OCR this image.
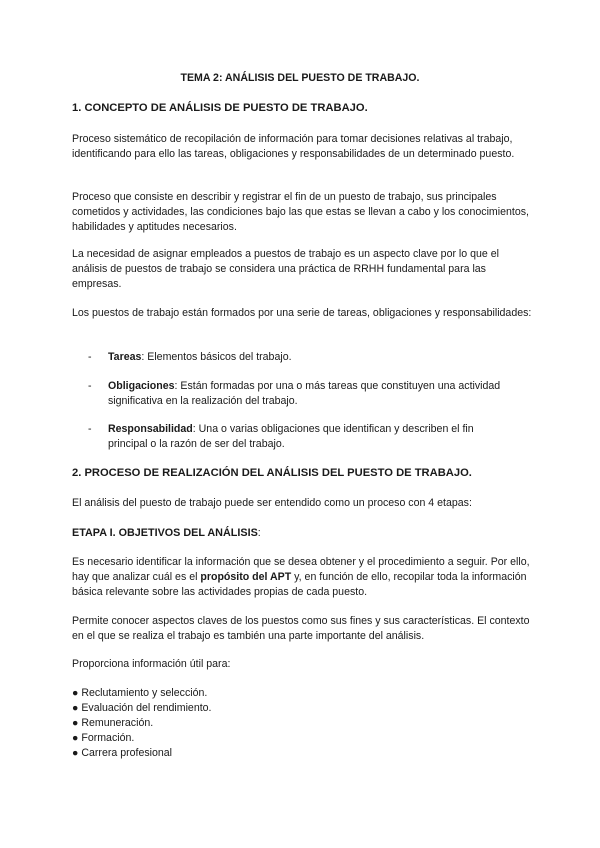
TEMA 2: ANÁLISIS DEL PUESTO DE TRABAJO.
1. CONCEPTO DE ANÁLISIS DE PUESTO DE TRABAJO.
Proceso sistemático de recopilación de información para tomar decisiones relativas al trabajo, identificando para ello las tareas, obligaciones y responsabilidades de un determinado puesto.
Proceso que consiste en describir y registrar el fin de un puesto de trabajo, sus principales cometidos y actividades, las condiciones bajo las que estas se llevan a cabo y los conocimientos, habilidades y aptitudes necesarios.
La necesidad de asignar empleados a puestos de trabajo es un aspecto clave por lo que el análisis de puestos de trabajo se considera una práctica de RRHH fundamental para las empresas.
Los puestos de trabajo están formados por una serie de tareas, obligaciones y responsabilidades:
- Tareas: Elementos básicos del trabajo.
- Obligaciones: Están formadas por una o más tareas que constituyen una actividad significativa en la realización del trabajo.
- Responsabilidad: Una o varias obligaciones que identifican y describen el fin principal o la razón de ser del trabajo.
2. PROCESO DE REALIZACIÓN DEL ANÁLISIS DEL PUESTO DE TRABAJO.
El análisis del puesto de trabajo puede ser entendido como un proceso con 4 etapas:
ETAPA I. OBJETIVOS DEL ANÁLISIS:
Es necesario identificar la información que se desea obtener y el procedimiento a seguir. Por ello, hay que analizar cuál es el propósito del APT y, en función de ello, recopilar toda la información básica relevante sobre las actividades propias de cada puesto.
Permite conocer aspectos claves de los puestos como sus fines y sus características. El contexto en el que se realiza el trabajo es también una parte importante del análisis.
Proporciona información útil para:
● Reclutamiento y selección.
● Evaluación del rendimiento.
● Remuneración.
● Formación.
● Carrera profesional
